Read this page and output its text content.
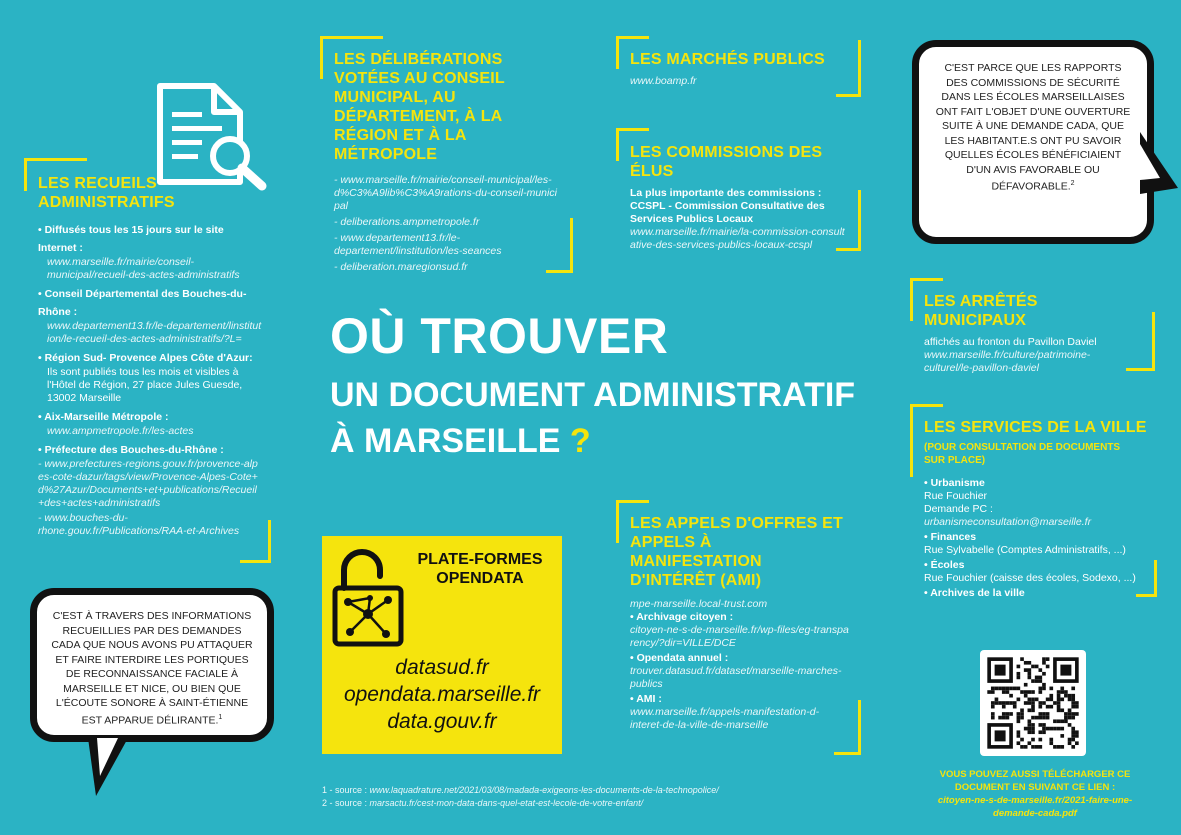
LES RECUEILS ADMINISTRATIFS
• Diffusés tous les 15 jours sur le site Internet :
www.marseille.fr/mairie/conseil-municipal/recueil-des-actes-administratifs
• Conseil Départemental des Bouches-du-Rhône :
www.departement13.fr/le-departement/linstitution/le-recueil-des-actes-administratifs/?L=
• Région Sud- Provence Alpes Côte d'Azur:
Ils sont publiés tous les mois et visibles à l'Hôtel de Région, 27 place Jules Guesde, 13002 Marseille
• Aix-Marseille Métropole :
www.ampmetropole.fr/les-actes
• Préfecture des Bouches-du-Rhône :
- www.prefectures-regions.gouv.fr/provence-alpes-cote-dazur/tags/view/Provence-Alpes-Cote+d%27Azur/Documents+et+publications/Recueil+des+actes+administratifs
- www.bouches-du-rhone.gouv.fr/Publications/RAA-et-Archives
C'EST À TRAVERS DES INFORMATIONS RECUEILLIES PAR DES DEMANDES CADA QUE NOUS AVONS PU ATTAQUER ET FAIRE INTERDIRE LES PORTIQUES DE RECONNAISSANCE FACIALE À MARSEILLE ET NICE, OU BIEN QUE L'ÉCOUTE SONORE À SAINT-ÉTIENNE EST APPARUE DÉLIRANTE.$^1$
LES DÉLIBÉRATIONS VOTÉES AU CONSEIL MUNICIPAL, AU DÉPARTEMENT, À LA RÉGION ET À LA MÉTROPOLE
- www.marseille.fr/mairie/conseil-municipal/les-d%C3%A9lib%C3%A9rations-du-conseil-municipal
- deliberations.ampmetropole.fr
- www.departement13.fr/le-departement/linstitution/les-seances
- deliberation.maregionsud.fr
LES MARCHÉS PUBLICS
www.boamp.fr
LES COMMISSIONS DES ÉLUS
La plus importante des commissions :
CCSPL - Commission Consultative des Services Publics Locaux
www.marseille.fr/mairie/la-commission-consultative-des-services-publics-locaux-ccspl
C'EST PARCE QUE LES RAPPORTS DES COMMISSIONS DE SÉCURITÉ DANS LES ÉCOLES MARSEILLAISES ONT FAIT L'OBJET D'UNE OUVERTURE SUITE À UNE DEMANDE CADA, QUE LES HABITANT.E.S ONT PU SAVOIR QUELLES ÉCOLES BÉNÉFICIAIENT D'UN AVIS FAVORABLE OU DÉFAVORABLE.$^2$
OÙ TROUVER
UN DOCUMENT ADMINISTRATIF
À MARSEILLE ?
LES ARRÊTÉS MUNICIPAUX
affichés au fronton du Pavillon Daviel
www.marseille.fr/culture/patrimoine-culturel/le-pavillon-daviel
LES SERVICES DE LA VILLE
(POUR CONSULTATION DE DOCUMENTS SUR PLACE)
• Urbanisme
Rue Fouchier
Demande PC : urbanismeconsultation@marseille.fr
• Finances
Rue Sylvabelle (Comptes Administratifs, ...)
• Écoles
Rue Fouchier (caisse des écoles, Sodexo, ...)
• Archives de la ville
PLATE-FORMES
OPENDATA
datasud.fr
opendata.marseille.fr
data.gouv.fr
LES APPELS D'OFFRES ET APPELS À MANIFESTATION D'INTÉRÊT (AMI)
mpe-marseille.local-trust.com
• Archivage citoyen :
citoyen-ne-s-de-marseille.fr/wp-files/eg-transparency/?dir=VILLE/DCE
• Opendata annuel :
trouver.datasud.fr/dataset/marseille-marches-publics
• AMI :
www.marseille.fr/appels-manifestation-d-interet-de-la-ville-de-marseille
1 - source : www.laquadrature.net/2021/03/08/madada-exigeons-les-documents-de-la-technopolice/
2 - source : marsactu.fr/cest-mon-data-dans-quel-etat-est-lecole-de-votre-enfant/
VOUS POUVEZ AUSSI TÉLÉCHARGER CE DOCUMENT EN SUIVANT CE LIEN :
citoyen-ne-s-de-marseille.fr/2021-faire-une-demande-cada.pdf
